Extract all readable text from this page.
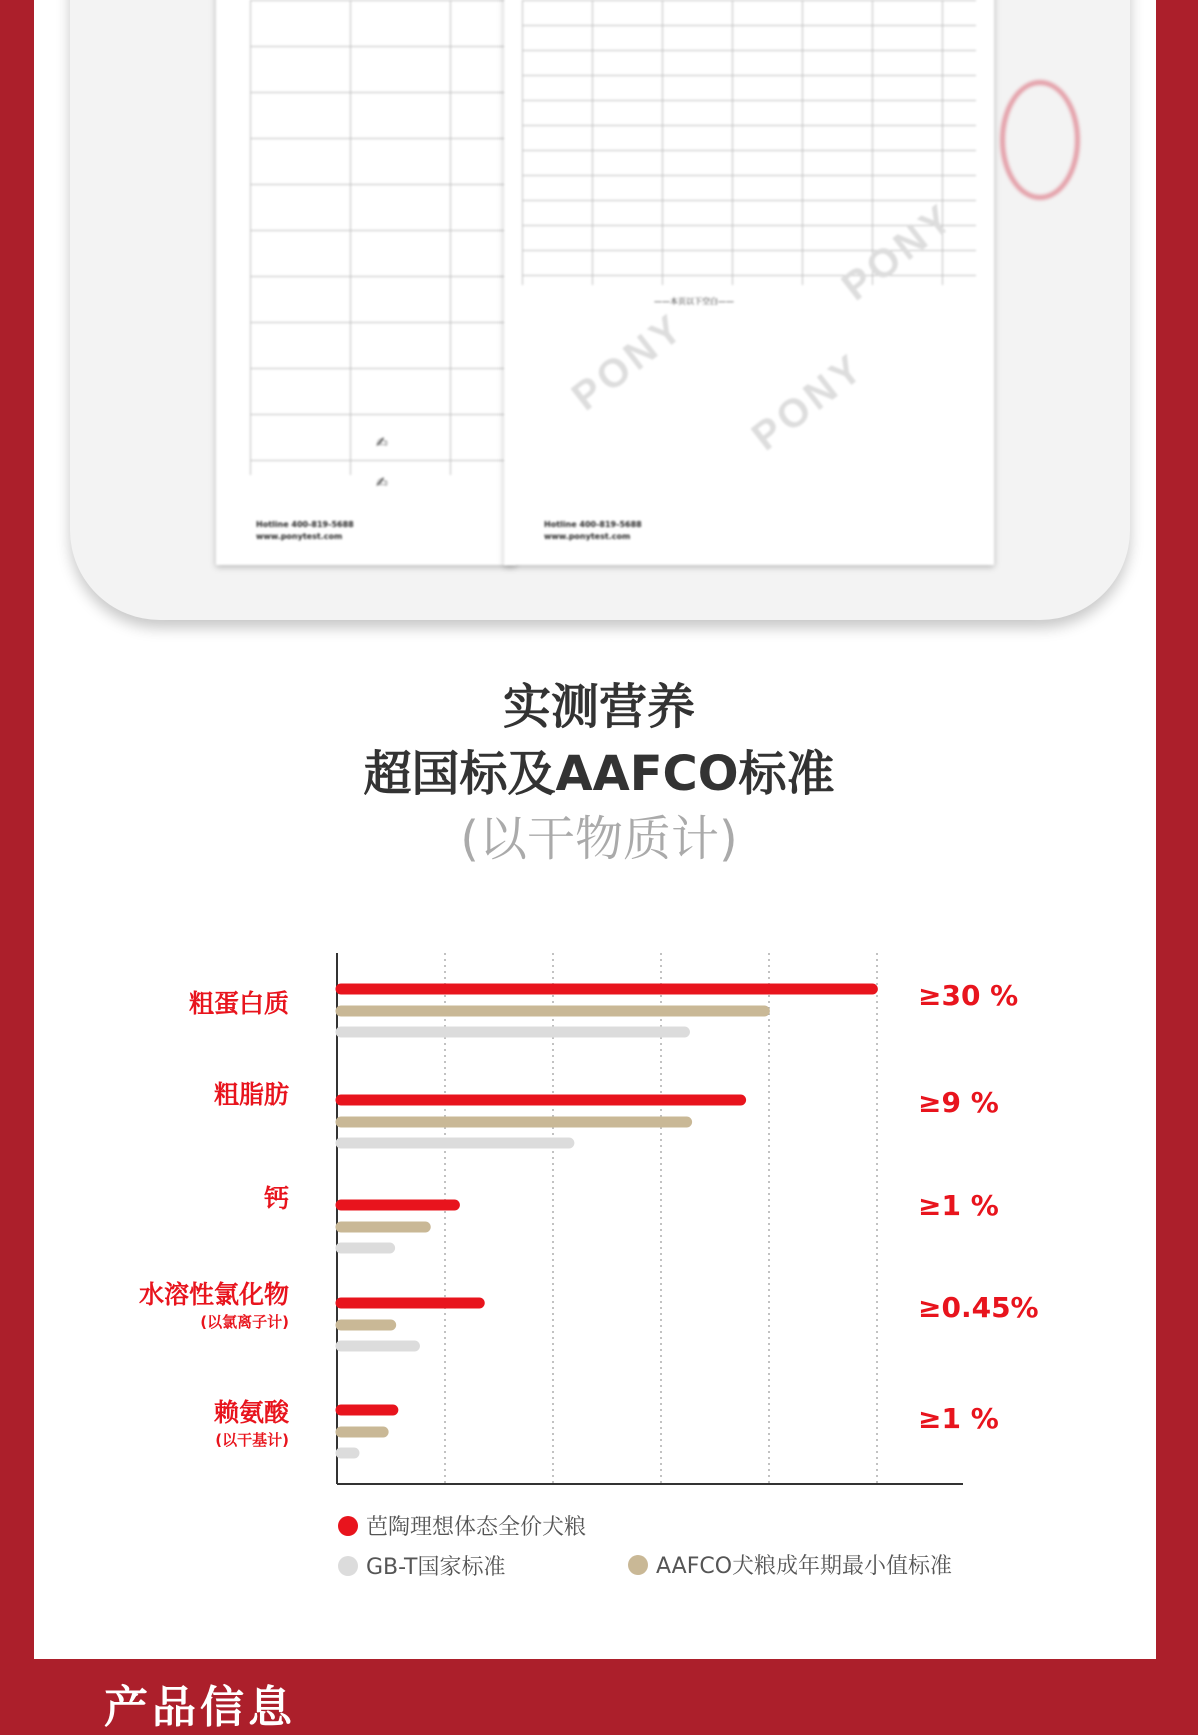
✍
✍
Hotline 400-819-5688
www.ponytest.com
——本页以下空白——
PONY PONY
PONY
Hotline 400-819-5688
www.ponytest.com
实测营养
超国标及AAFCO标准
(以干物质计)
粗蛋白质	≥30 %
粗脂肪	≥9 %
钙	≥1 %
水溶性氯化物
(以氯离子计)	≥0.45%
赖氨酸
(以干基计)
≥1 %
芭陶理想体态全价犬粮
GB-T国家标准	AAFCO犬粮成年期最小值标准
产品信息
